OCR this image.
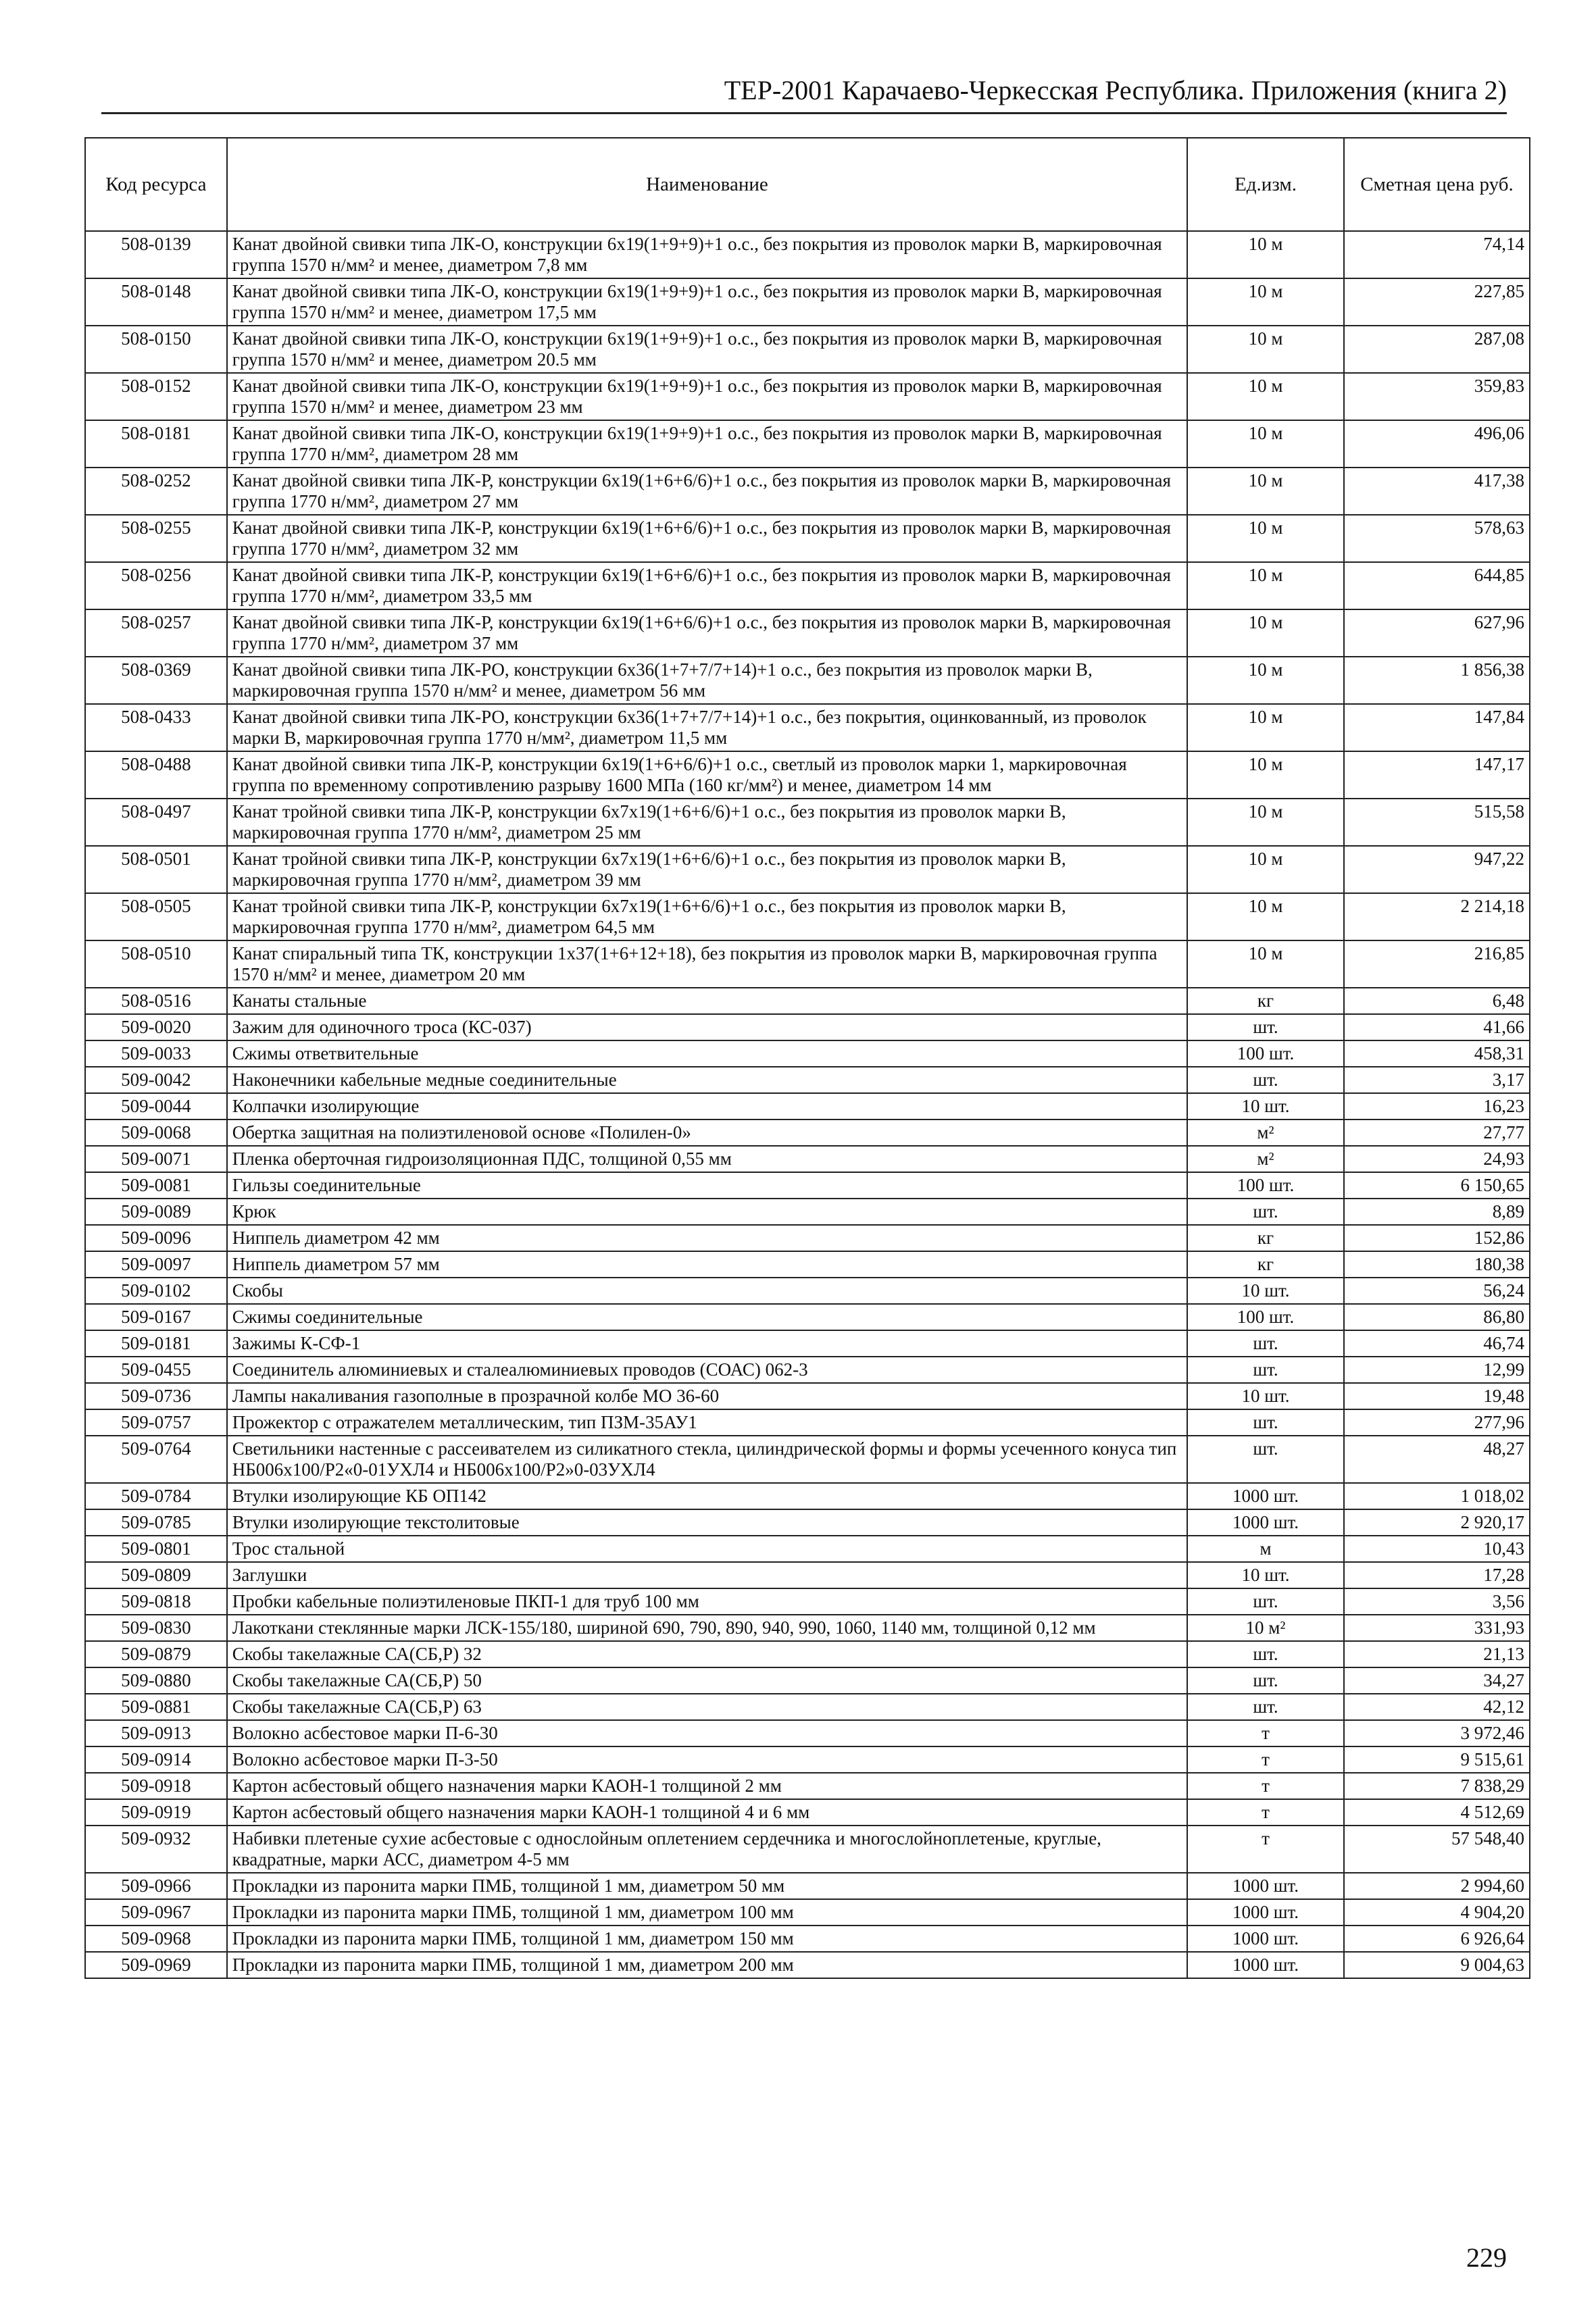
ТЕР-2001 Карачаево-Черкесская Республика. Приложения (книга 2)
Код ресурса	Наименование	Ед.изм.	Сметная цена руб.
508-0139	Канат двойной свивки типа ЛК-О, конструкции 6х19(1+9+9)+1 о.с., без покрытия из проволок марки В, маркировочная группа 1570 н/мм² и менее, диаметром 7,8 мм	10 м	74,14
508-0148	Канат двойной свивки типа ЛК-О, конструкции 6х19(1+9+9)+1 о.с., без покрытия из проволок марки В, маркировочная группа 1570 н/мм² и менее, диаметром 17,5 мм	10 м	227,85
508-0150	Канат двойной свивки типа ЛК-О, конструкции 6х19(1+9+9)+1 о.с., без покрытия из проволок марки В, маркировочная группа 1570 н/мм² и менее, диаметром 20.5 мм	10 м	287,08
508-0152	Канат двойной свивки типа ЛК-О, конструкции 6х19(1+9+9)+1 о.с., без покрытия из проволок марки В, маркировочная группа 1570 н/мм² и менее, диаметром 23 мм	10 м	359,83
508-0181	Канат двойной свивки типа ЛК-О, конструкции 6х19(1+9+9)+1 о.с., без покрытия из проволок марки В, маркировочная группа 1770 н/мм², диаметром 28 мм	10 м	496,06
508-0252	Канат двойной свивки типа ЛК-Р, конструкции 6х19(1+6+6/6)+1 о.с., без покрытия из проволок марки В, маркировочная группа 1770 н/мм², диаметром 27 мм	10 м	417,38
508-0255	Канат двойной свивки типа ЛК-Р, конструкции 6х19(1+6+6/6)+1 о.с., без покрытия из проволок марки В, маркировочная группа 1770 н/мм², диаметром 32 мм	10 м	578,63
508-0256	Канат двойной свивки типа ЛК-Р, конструкции 6х19(1+6+6/6)+1 о.с., без покрытия из проволок марки В, маркировочная группа 1770 н/мм², диаметром 33,5 мм	10 м	644,85
508-0257	Канат двойной свивки типа ЛК-Р, конструкции 6х19(1+6+6/6)+1 о.с., без покрытия из проволок марки В, маркировочная группа 1770 н/мм², диаметром 37 мм	10 м	627,96
508-0369	Канат двойной свивки типа ЛК-РО, конструкции 6х36(1+7+7/7+14)+1 о.с., без покрытия из проволок марки В, маркировочная группа 1570 н/мм² и менее, диаметром 56 мм	10 м	1 856,38
508-0433	Канат двойной свивки типа ЛК-РО, конструкции 6х36(1+7+7/7+14)+1 о.с., без покрытия, оцинкованный, из проволок марки В, маркировочная группа 1770 н/мм², диаметром 11,5 мм	10 м	147,84
508-0488	Канат двойной свивки типа ЛК-Р, конструкции 6х19(1+6+6/6)+1 о.с., светлый из проволок марки 1, маркировочная группа по временному сопротивлению разрыву 1600 МПа (160 кг/мм²) и менее, диаметром 14 мм	10 м	147,17
508-0497	Канат тройной свивки типа ЛК-Р, конструкции 6х7х19(1+6+6/6)+1 о.с., без покрытия из проволок марки В, маркировочная группа 1770 н/мм², диаметром 25 мм	10 м	515,58
508-0501	Канат тройной свивки типа ЛК-Р, конструкции 6х7х19(1+6+6/6)+1 о.с., без покрытия из проволок марки В, маркировочная группа 1770 н/мм², диаметром 39 мм	10 м	947,22
508-0505	Канат тройной свивки типа ЛК-Р, конструкции 6х7х19(1+6+6/6)+1 о.с., без покрытия из проволок марки В, маркировочная группа 1770 н/мм², диаметром 64,5 мм	10 м	2 214,18
508-0510	Канат спиральный типа ТК, конструкции 1х37(1+6+12+18), без покрытия из проволок марки В, маркировочная группа 1570 н/мм² и менее, диаметром 20 мм	10 м	216,85
508-0516	Канаты стальные	кг	6,48
509-0020	Зажим для одиночного троса (КС-037)	шт.	41,66
509-0033	Сжимы ответвительные	100 шт.	458,31
509-0042	Наконечники кабельные медные соединительные	шт.	3,17
509-0044	Колпачки изолирующие	10 шт.	16,23
509-0068	Обертка защитная на полиэтиленовой основе «Полилен-0»	м²	27,77
509-0071	Пленка оберточная гидроизоляционная ПДС, толщиной 0,55 мм	м²	24,93
509-0081	Гильзы соединительные	100 шт.	6 150,65
509-0089	Крюк	шт.	8,89
509-0096	Ниппель диаметром 42 мм	кг	152,86
509-0097	Ниппель диаметром 57 мм	кг	180,38
509-0102	Скобы	10 шт.	56,24
509-0167	Сжимы соединительные	100 шт.	86,80
509-0181	Зажимы К-СФ-1	шт.	46,74
509-0455	Соединитель алюминиевых и сталеалюминиевых проводов (СОАС) 062-3	шт.	12,99
509-0736	Лампы накаливания газополные в прозрачной колбе МО 36-60	10 шт.	19,48
509-0757	Прожектор с отражателем металлическим, тип ПЗМ-35АУ1	шт.	277,96
509-0764	Светильники настенные с рассеивателем из силикатного стекла, цилиндрической формы и формы усеченного конуса тип НБ006х100/Р2«0-01УХЛ4 и НБ006х100/Р2»0-03УХЛ4	шт.	48,27
509-0784	Втулки изолирующие КБ ОП142	1000 шт.	1 018,02
509-0785	Втулки изолирующие текстолитовые	1000 шт.	2 920,17
509-0801	Трос стальной	м	10,43
509-0809	Заглушки	10 шт.	17,28
509-0818	Пробки кабельные полиэтиленовые ПКП-1 для труб 100 мм	шт.	3,56
509-0830	Лакоткани стеклянные марки ЛСК-155/180, шириной 690, 790, 890, 940, 990, 1060, 1140 мм, толщиной 0,12 мм	10 м²	331,93
509-0879	Скобы такелажные СА(СБ,Р) 32	шт.	21,13
509-0880	Скобы такелажные СА(СБ,Р) 50	шт.	34,27
509-0881	Скобы такелажные СА(СБ,Р) 63	шт.	42,12
509-0913	Волокно асбестовое марки П-6-30	т	3 972,46
509-0914	Волокно асбестовое марки П-3-50	т	9 515,61
509-0918	Картон асбестовый общего назначения марки КАОН-1 толщиной 2 мм	т	7 838,29
509-0919	Картон асбестовый общего назначения марки КАОН-1 толщиной 4 и 6 мм	т	4 512,69
509-0932	Набивки плетеные сухие асбестовые с однослойным оплетением сердечника и многослойноплетеные, круглые, квадратные, марки АСС, диаметром 4-5 мм	т	57 548,40
509-0966	Прокладки из паронита марки ПМБ, толщиной 1 мм, диаметром 50 мм	1000 шт.	2 994,60
509-0967	Прокладки из паронита марки ПМБ, толщиной 1 мм, диаметром 100 мм	1000 шт.	4 904,20
509-0968	Прокладки из паронита марки ПМБ, толщиной 1 мм, диаметром 150 мм	1000 шт.	6 926,64
509-0969	Прокладки из паронита марки ПМБ, толщиной 1 мм, диаметром 200 мм	1000 шт.	9 004,63
229
